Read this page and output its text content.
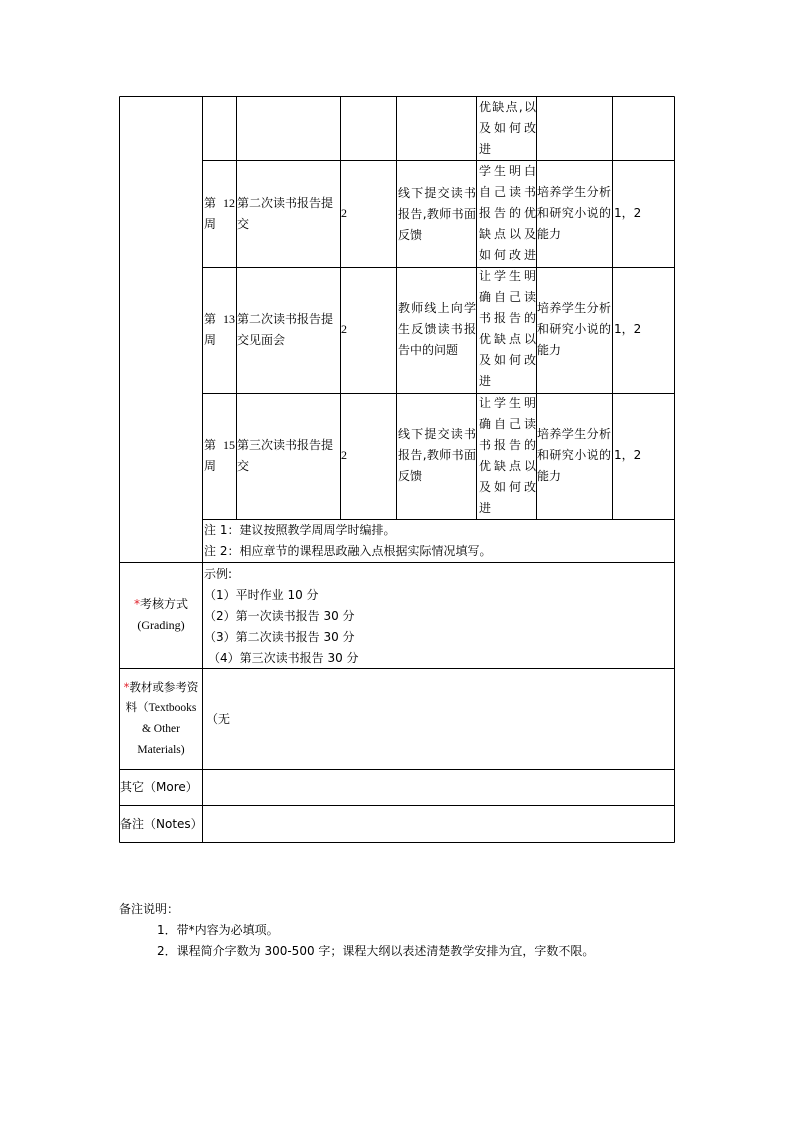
优缺点,以
及如何改
进
第 12
周
第二次读书报告提
交
2
线下提交读书
报告,教师书面
反馈
学生明白
自己读书
报告的优
缺点以及
如何改进
培养学生分析
和研究小说的
能力
1，2
第 13
周
第二次读书报告提
交见面会
2
教师线上向学
生反馈读书报
告中的问题
让学生明
确自己读
书报告的
优缺点以
及如何改
进
培养学生分析
和研究小说的
能力
1，2
第 15
周
第三次读书报告提
交
2
线下提交读书
报告,教师书面
反馈
让学生明
确自己读
书报告的
优缺点以
及如何改
进
培养学生分析
和研究小说的
能力
1，2
注 1：建议按照教学周周学时编排。
注 2：相应章节的课程思政融入点根据实际情况填写。
*考核方式
(Grading)
示例:
（1）平时作业 10 分
（2）第一次读书报告 30 分
（3）第二次读书报告 30 分
（4）第三次读书报告 30 分
*教材或参考资
料（Textbooks
& Other
Materials)
（无
其它（More）
备注（Notes）
备注说明：
1．带*内容为必填项。
2．课程简介字数为 300-500 字；课程大纲以表述清楚教学安排为宜，字数不限。
